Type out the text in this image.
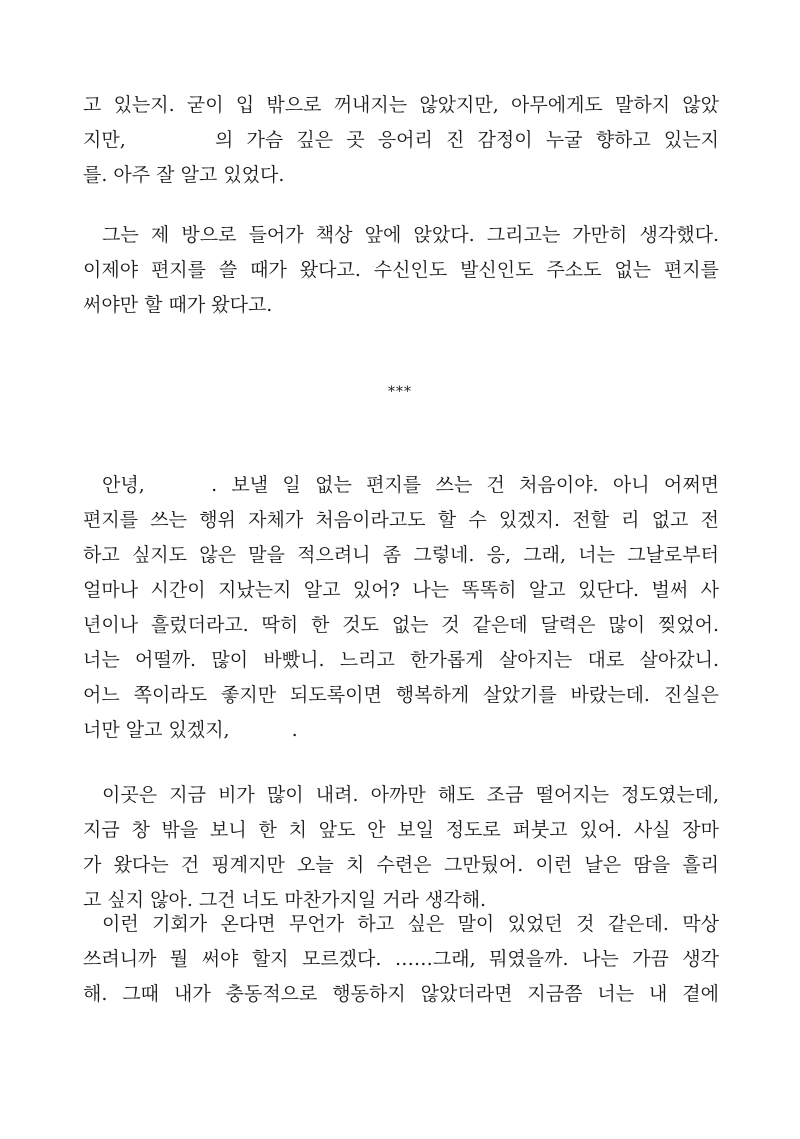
고 있는지. 굳이 입 밖으로 꺼내지는 않았지만, 아무에게도 말하지 않았
지만,	의 가슴 깊은 곳 응어리 진 감정이 누굴 향하고 있는지
를. 아주 잘 알고 있었다.
그는 제 방으로 들어가 책상 앞에 앉았다. 그리고는 가만히 생각했다.
이제야 편지를 쓸 때가 왔다고. 수신인도 발신인도 주소도 없는 편지를
써야만 할 때가 왔다고.
***
안녕,	. 보낼 일 없는 편지를 쓰는 건 처음이야. 아니 어쩌면
편지를 쓰는 행위 자체가 처음이라고도 할 수 있겠지. 전할 리 없고 전
하고 싶지도 않은 말을 적으려니 좀 그렇네. 응, 그래, 너는 그날로부터
얼마나 시간이 지났는지 알고 있어? 나는 똑똑히 알고 있단다. 벌써 사
년이나 흘렀더라고. 딱히 한 것도 없는 것 같은데 달력은 많이 찢었어.
너는 어떨까. 많이 바빴니. 느리고 한가롭게 살아지는 대로 살아갔니.
어느 쪽이라도 좋지만 되도록이면 행복하게 살았기를 바랐는데. 진실은
너만 알고 있겠지,	.
이곳은 지금 비가 많이 내려. 아까만 해도 조금 떨어지는 정도였는데,
지금 창 밖을 보니 한 치 앞도 안 보일 정도로 퍼붓고 있어. 사실 장마
가 왔다는 건 핑계지만 오늘 치 수련은 그만뒀어. 이런 날은 땀을 흘리
고 싶지 않아. 그건 너도 마찬가지일 거라 생각해.
이런 기회가 온다면 무언가 하고 싶은 말이 있었던 것 같은데. 막상
쓰려니까 뭘 써야 할지 모르겠다. ……그래, 뭐였을까. 나는 가끔 생각
해. 그때 내가 충동적으로 행동하지 않았더라면 지금쯤 너는 내 곁에
